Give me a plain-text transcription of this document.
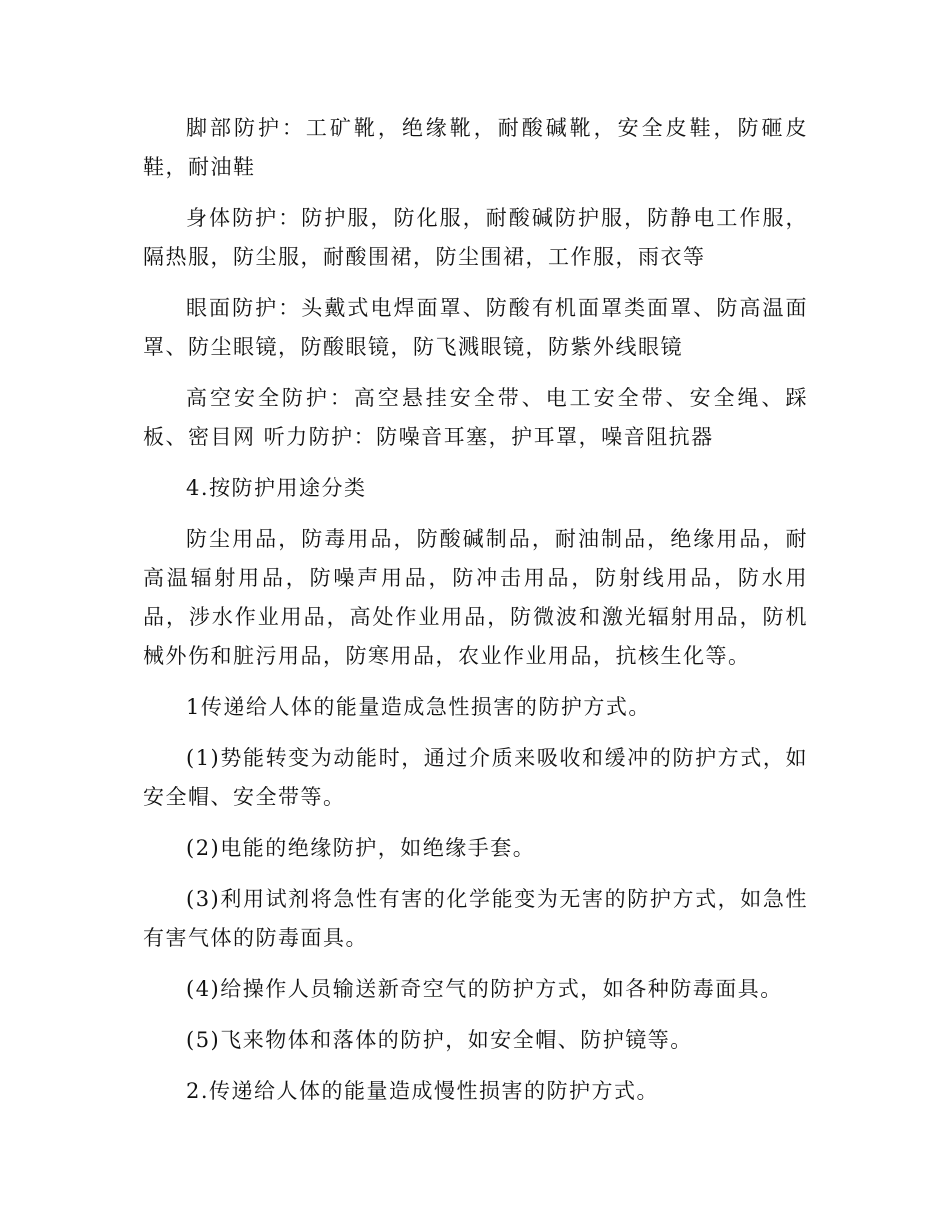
脚部防护：工矿靴，绝缘靴，耐酸碱靴，安全皮鞋，防砸皮鞋，耐油鞋

身体防护：防护服，防化服，耐酸碱防护服，防静电工作服，隔热服，防尘服，耐酸围裙，防尘围裙，工作服，雨衣等

眼面防护：头戴式电焊面罩、防酸有机面罩类面罩、防高温面罩、防尘眼镜，防酸眼镜，防飞溅眼镜，防紫外线眼镜

高空安全防护：高空悬挂安全带、电工安全带、安全绳、踩板、密目网 听力防护：防噪音耳塞，护耳罩，噪音阻抗器

4.按防护用途分类

防尘用品，防毒用品，防酸碱制品，耐油制品，绝缘用品，耐高温辐射用品，防噪声用品，防冲击用品，防射线用品，防水用品，涉水作业用品，高处作业用品，防微波和激光辐射用品，防机械外伤和脏污用品，防寒用品，农业作业用品，抗核生化等。

1传递给人体的能量造成急性损害的防护方式。

(1)势能转变为动能时，通过介质来吸收和缓冲的防护方式，如安全帽、安全带等。

(2)电能的绝缘防护，如绝缘手套。

(3)利用试剂将急性有害的化学能变为无害的防护方式，如急性有害气体的防毒面具。

(4)给操作人员输送新奇空气的防护方式，如各种防毒面具。

(5)飞来物体和落体的防护，如安全帽、防护镜等。

2.传递给人体的能量造成慢性损害的防护方式。
